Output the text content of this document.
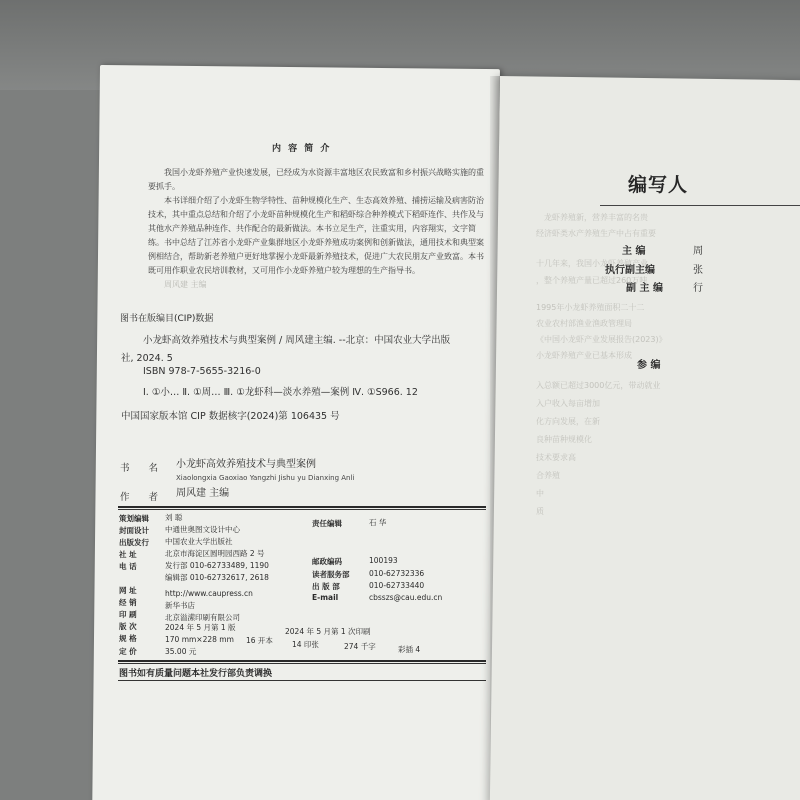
内 容 简 介

我国小龙虾养殖产业快速发展，已经成为水资源丰富地区农民致富和乡村振兴战略实施的重要抓手。

本书详细介绍了小龙虾生物学特性、苗种规模化生产、生态高效养殖、捕捞运输及病害防治技术，其中重点总结和介绍了小龙虾苗种规模化生产和稻虾综合种养模式下稻虾连作、共作及与其他水产养殖品种连作、共作配合的最新做法。本书立足生产，注重实用，内容翔实，文字简练。书中总结了江苏省小龙虾产业集群地区小龙虾养殖成功案例和创新做法，通用技术和典型案例相结合，帮助新老养殖户更好地掌握小龙虾最新养殖技术，促进广大农民朋友产业致富。本书既可用作职业农民培训教材，又可用作小龙虾养殖户较为理想的生产指导书。

周风建 主编

图书在版编目(CIP)数据
小龙虾高效养殖技术与典型案例 / 周风建主编. --北京：中国农业大学出版
社, 2024. 5
ISBN 978-7-5655-3216-0
Ⅰ. ①小… Ⅱ. ①周… Ⅲ. ①龙虾科—淡水养殖—案例 Ⅳ. ①S966. 12
中国国家版本馆 CIP 数据核字(2024)第 106435 号
书 名 小龙虾高效养殖技术与典型案例
Xiaolongxia Gaoxiao Yangzhi Jishu yu Dianxing Anli
作 者 周风建 主编
策划编辑 刘 聪
责任编辑	石 华
封面设计 中通世奥图文设计中心
出版发行 中国农业大学出版社
社 址	北京市海淀区圆明园西路 2 号
邮政编码	100193
电 话	发行部 010-62733489, 1190
编辑部 010-62732617, 2618	读者服务部	010-62732336
出 版 部	010-62733440
网 址	http://www.caupress.cn	E-mail	cbsszs@cau.edu.cn
经 销	新华书店
印 刷	北京溢潆印刷有限公司
版 次	2024 年 5 月第 1 版	2024 年 5 月第 1 次印刷
规 格	170 mm×228 mm 16 开本	14 印张	274 千字	彩插 4
定 价	35.00 元
图书如有质量问题本社发行部负责调换
编写人
龙虾养殖新，营养丰富的名贵
经济虾类水产养殖生产中占有重要
主 编	周
十几年来，我国小龙虾养殖产业
执行副主编	张
，整个养殖产量已超过260万吨
副 主 编	行
1995年小龙虾养殖面积二十二
农业农村部渔业渔政管理局
《中国小龙虾产业发展报告(2023)》
小龙虾养殖产业已基本形成
参 编
入总额已超过3000亿元，带动就业
入户收入每亩增加
化方向发展，在新
良种苗种规模化
技术要求高
合养殖
中
质
